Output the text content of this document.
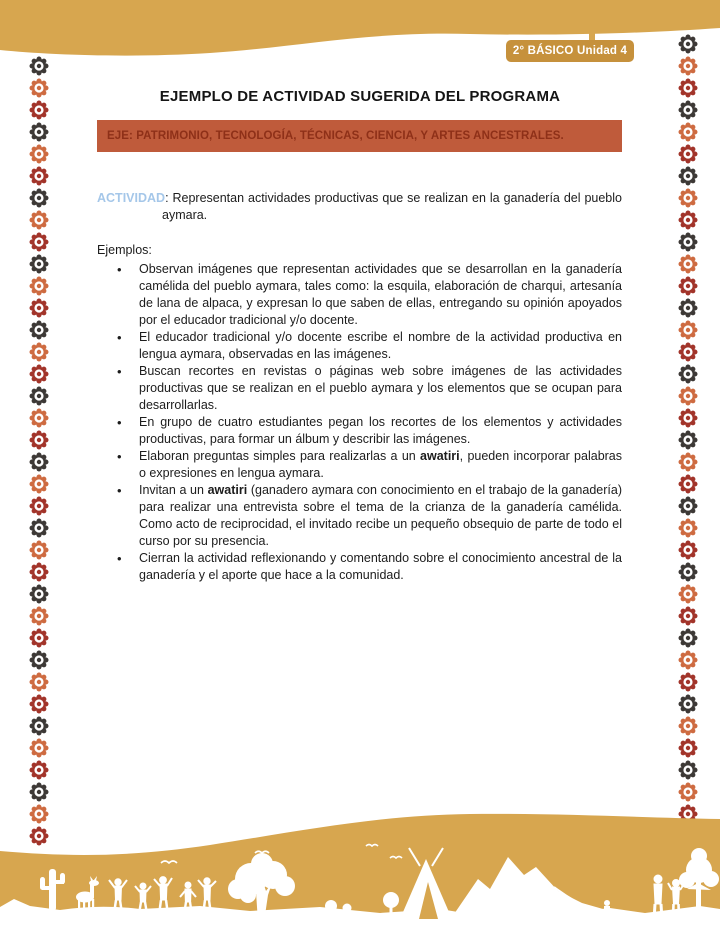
2° BÁSICO Unidad 4
EJEMPLO DE ACTIVIDAD SUGERIDA DEL PROGRAMA
EJE: PATRIMONIO, TECNOLOGÍA, TÉCNICAS, CIENCIA, Y ARTES ANCESTRALES.

ACTIVIDAD: Representan actividades productivas que se realizan en la ganadería del pueblo aymara.

Ejemplos:

• Observan imágenes que representan actividades que se desarrollan en la ganadería camélida del pueblo aymara, tales como: la esquila, elaboración de charqui, artesanía de lana de alpaca, y expresan lo que saben de ellas, entregando su opinión apoyados por el educador tradicional y/o docente.
• El educador tradicional y/o docente escribe el nombre de la actividad productiva en lengua aymara, observadas en las imágenes.
• Buscan recortes en revistas o páginas web sobre imágenes de las actividades productivas que se realizan en el pueblo aymara y los elementos que se ocupan para desarrollarlas.
• En grupo de cuatro estudiantes pegan los recortes de los elementos y actividades productivas, para formar un álbum y describir las imágenes.
• Elaboran preguntas simples para realizarlas a un awatiri, pueden incorporar palabras o expresiones en lengua aymara.
• Invitan a un awatiri (ganadero aymara con conocimiento en el trabajo de la ganadería) para realizar una entrevista sobre el tema de la crianza de la ganadería camélida. Como acto de reciprocidad, el invitado recibe un pequeño obsequio de parte de todo el curso por su presencia.
• Cierran la actividad reflexionando y comentando sobre el conocimiento ancestral de la ganadería y el aporte que hace a la comunidad.
